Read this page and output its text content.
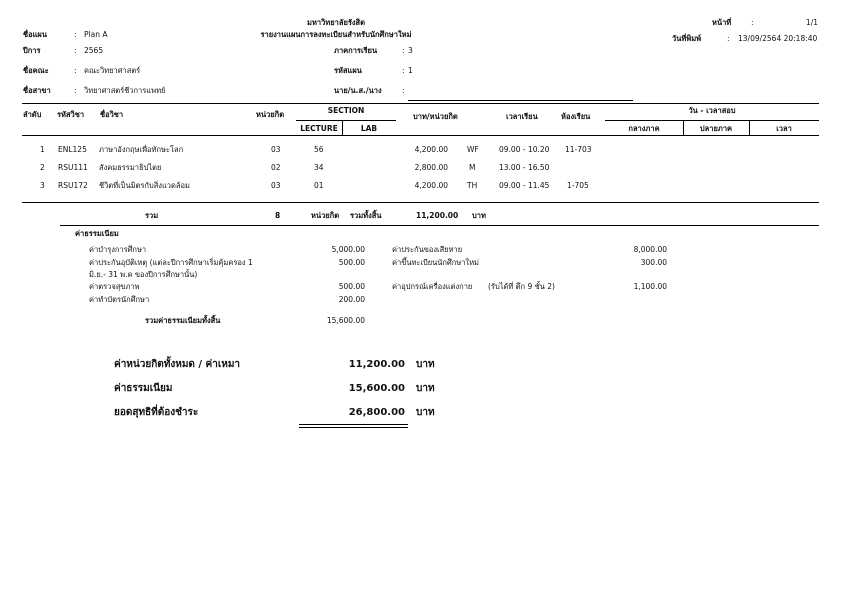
มหาวิทยาลัยรังสิต
รายงานแผนการลงทะเบียนสำหรับนักศึกษาใหม่
หน้าที่	:	1/1
วันที่พิมพ์	: 13/09/2564 20:18:40
ชื่อแผน	: Plan A
ปีการ	: 2565	ภาคการเรียน	: 3
ชื่อคณะ	: คณะวิทยาศาสตร์	รหัสแผน	: 1
ชื่อสาขา	: วิทยาศาสตร์ชีวการแพทย์	นาย/น.ส./นาง	:
ลำดับ รหัสวิชา ชื่อวิชา	หน่วยกิต	SECTION
LECTURE	LAB
บาท/หน่วยกิต	เวลาเรียน	ห้องเรียน
วัน - เวลาสอบ
กลางภาค	ปลายภาค	เวลา
1 ENL125 ภาษาอังกฤษเพื่อทักษะโลก	03	56	4,200.00	WF	09.00 - 10.20 11-703
2 RSU111 สังคมธรรมาธิปไตย	02	34	2,800.00	M	13.00 - 16.50
3 RSU172 ชีวิตที่เป็นมิตรกับสิ่งแวดล้อม	03	01	4,200.00	TH	09.00 - 11.45 1-705
รวม	8	หน่วยกิต รวมทั้งสิ้น	11,200.00 บาท
ค่าธรรมเนียม
ค่าบำรุงการศึกษา	5,000.00
ค่าประกันอุบัติเหตุ (แต่ละปีการศึกษาเริ่มคุ้มครอง 1
มิ.ย.- 31 พ.ค ของปีการศึกษานั้น)
500.00
ค่าตรวจสุขภาพ	500.00
ค่าทำบัตรนักศึกษา	200.00
ค่าประกันของเสียหาย	8,000.00
ค่าขึ้นทะเบียนนักศึกษาใหม่	300.00
ค่าอุปกรณ์เครื่องแต่งกาย (รับได้ที่ ตึก 9 ชั้น 2)	1,100.00
รวมค่าธรรมเนียมทั้งสิ้น	15,600.00
ค่าหน่วยกิตทั้งหมด / ค่าเหมา	11,200.00 บาท
ค่าธรรมเนียม	15,600.00 บาท
ยอดสุทธิที่ต้องชำระ	26,800.00 บาท
